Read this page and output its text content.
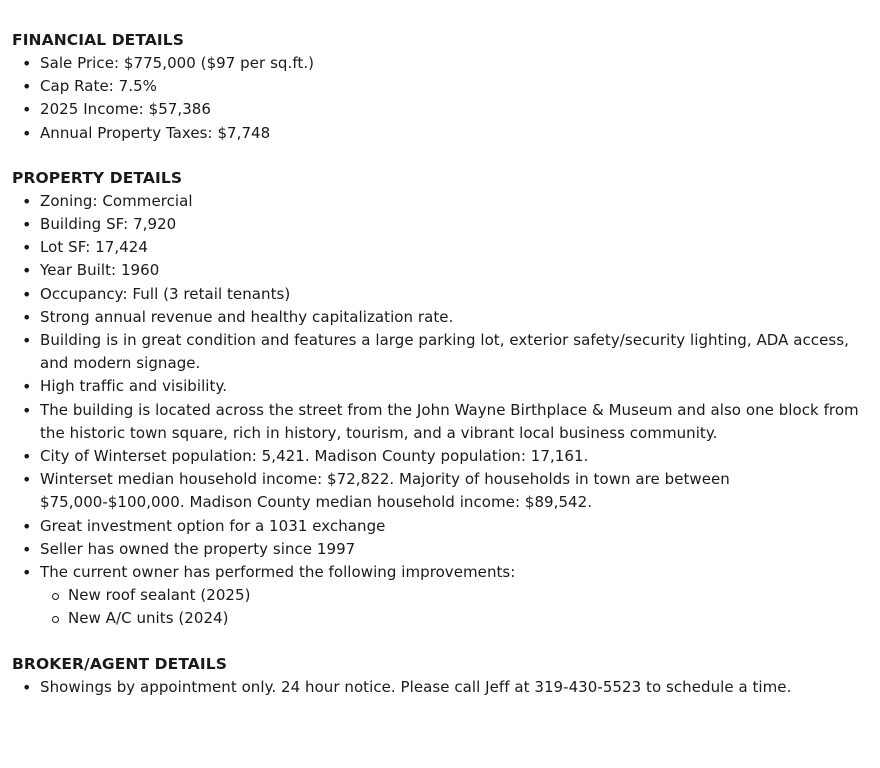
FINANCIAL DETAILS
• Sale Price: $775,000 ($97 per sq.ft.)
• Cap Rate: 7.5%
• 2025 Income: $57,386
• Annual Property Taxes: $7,748
PROPERTY DETAILS
• Zoning: Commercial
• Building SF: 7,920
• Lot SF: 17,424
• Year Built: 1960
• Occupancy: Full (3 retail tenants)
• Strong annual revenue and healthy capitalization rate.
• Building is in great condition and features a large parking lot, exterior safety/security lighting, ADA access, and modern signage.
• High traffic and visibility.
• The building is located across the street from the John Wayne Birthplace & Museum and also one block from the historic town square, rich in history, tourism, and a vibrant local business community.
• City of Winterset population: 5,421. Madison County population: 17,161.
• Winterset median household income: $72,822. Majority of households in town are between $75,000-$100,000. Madison County median household income: $89,542.
• Great investment option for a 1031 exchange
• Seller has owned the property since 1997
• The current owner has performed the following improvements:
New roof sealant (2025)
New A/C units (2024)
BROKER/AGENT DETAILS
• Showings by appointment only. 24 hour notice. Please call Jeff at 319-430-5523 to schedule a time.
